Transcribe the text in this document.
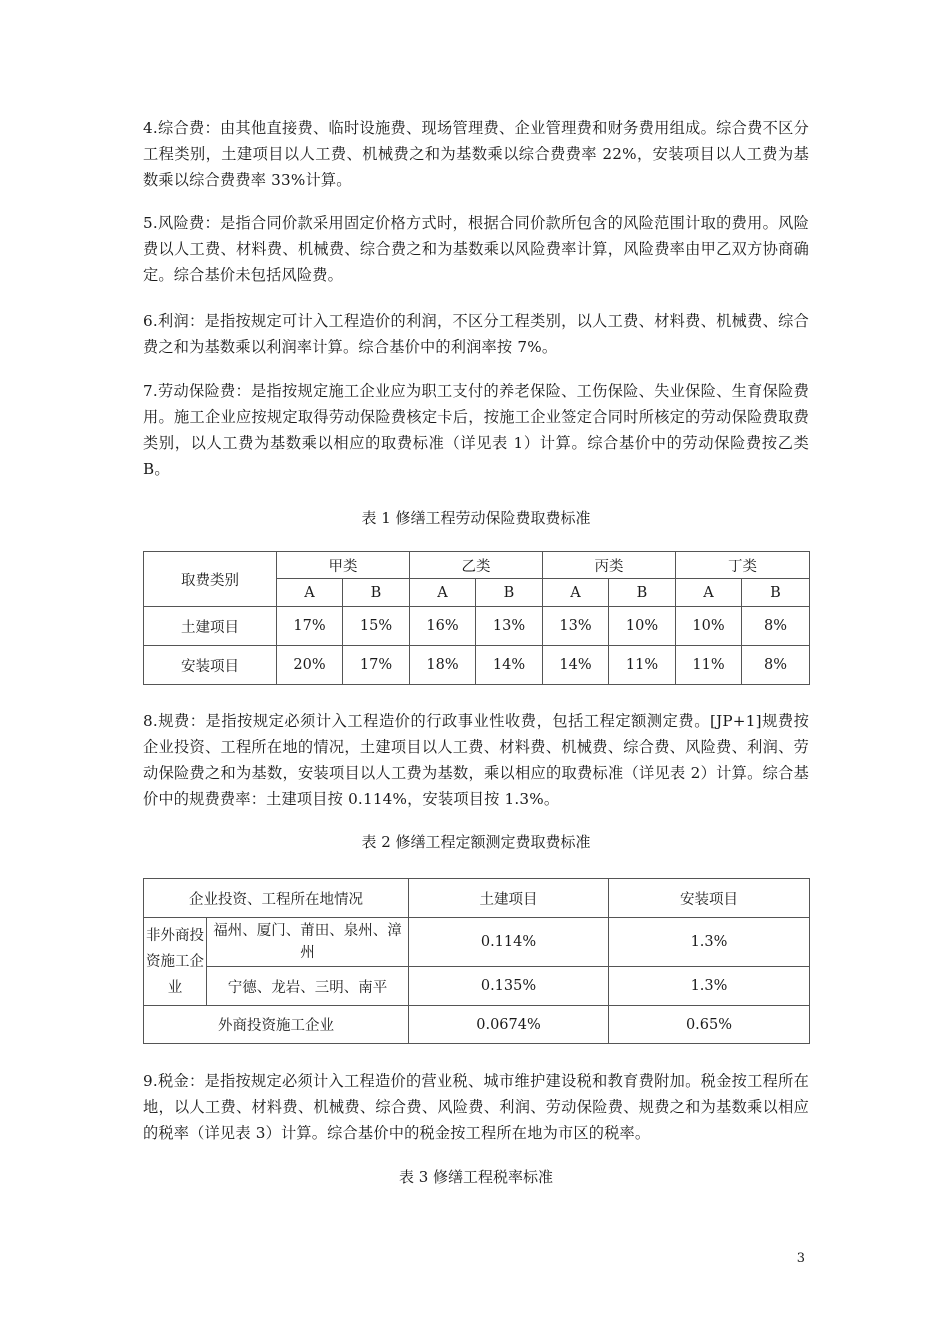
4.综合费：由其他直接费、临时设施费、现场管理费、企业管理费和财务费用组成。综合费不区分工程类别，土建项目以人工费、机械费之和为基数乘以综合费费率 22%，安装项目以人工费为基数乘以综合费费率 33%计算。

5.风险费：是指合同价款采用固定价格方式时，根据合同价款所包含的风险范围计取的费用。风险费以人工费、材料费、机械费、综合费之和为基数乘以风险费率计算，风险费率由甲乙双方协商确定。综合基价未包括风险费。

6.利润：是指按规定可计入工程造价的利润，不区分工程类别，以人工费、材料费、机械费、综合费之和为基数乘以利润率计算。综合基价中的利润率按 7%。

7.劳动保险费：是指按规定施工企业应为职工支付的养老保险、工伤保险、失业保险、生育保险费用。施工企业应按规定取得劳动保险费核定卡后，按施工企业签定合同时所核定的劳动保险费取费类别，以人工费为基数乘以相应的取费标准（详见表 1）计算。综合基价中的劳动保险费按乙类 B。

表 1 修缮工程劳动保险费取费标准

取费类别	甲类		乙类		丙类		丁类	
	A	B	A	B	A	B	A	B
土建项目	17%	15%	16%	13%	13%	10%	10%	8%
安装项目	20%	17%	18%	14%	14%	11%	11%	8%

8.规费：是指按规定必须计入工程造价的行政事业性收费，包括工程定额测定费。[JP+1]规费按企业投资、工程所在地的情况，土建项目以人工费、材料费、机械费、综合费、风险费、利润、劳动保险费之和为基数，安装项目以人工费为基数，乘以相应的取费标准（详见表 2）计算。综合基价中的规费费率：土建项目按 0.114%，安装项目按 1.3%。

表 2 修缮工程定额测定费取费标准

企业投资、工程所在地情况		土建项目	安装项目
非外商投资施工企业	福州、厦门、莆田、泉州、漳州	0.114%	1.3%
	宁德、龙岩、三明、南平	0.135%	1.3%
外商投资施工企业		0.0674%	0.65%

9.税金：是指按规定必须计入工程造价的营业税、城市维护建设税和教育费附加。税金按工程所在地，以人工费、材料费、机械费、综合费、风险费、利润、劳动保险费、规费之和为基数乘以相应的税率（详见表 3）计算。综合基价中的税金按工程所在地为市区的税率。

表 3 修缮工程税率标准

3
